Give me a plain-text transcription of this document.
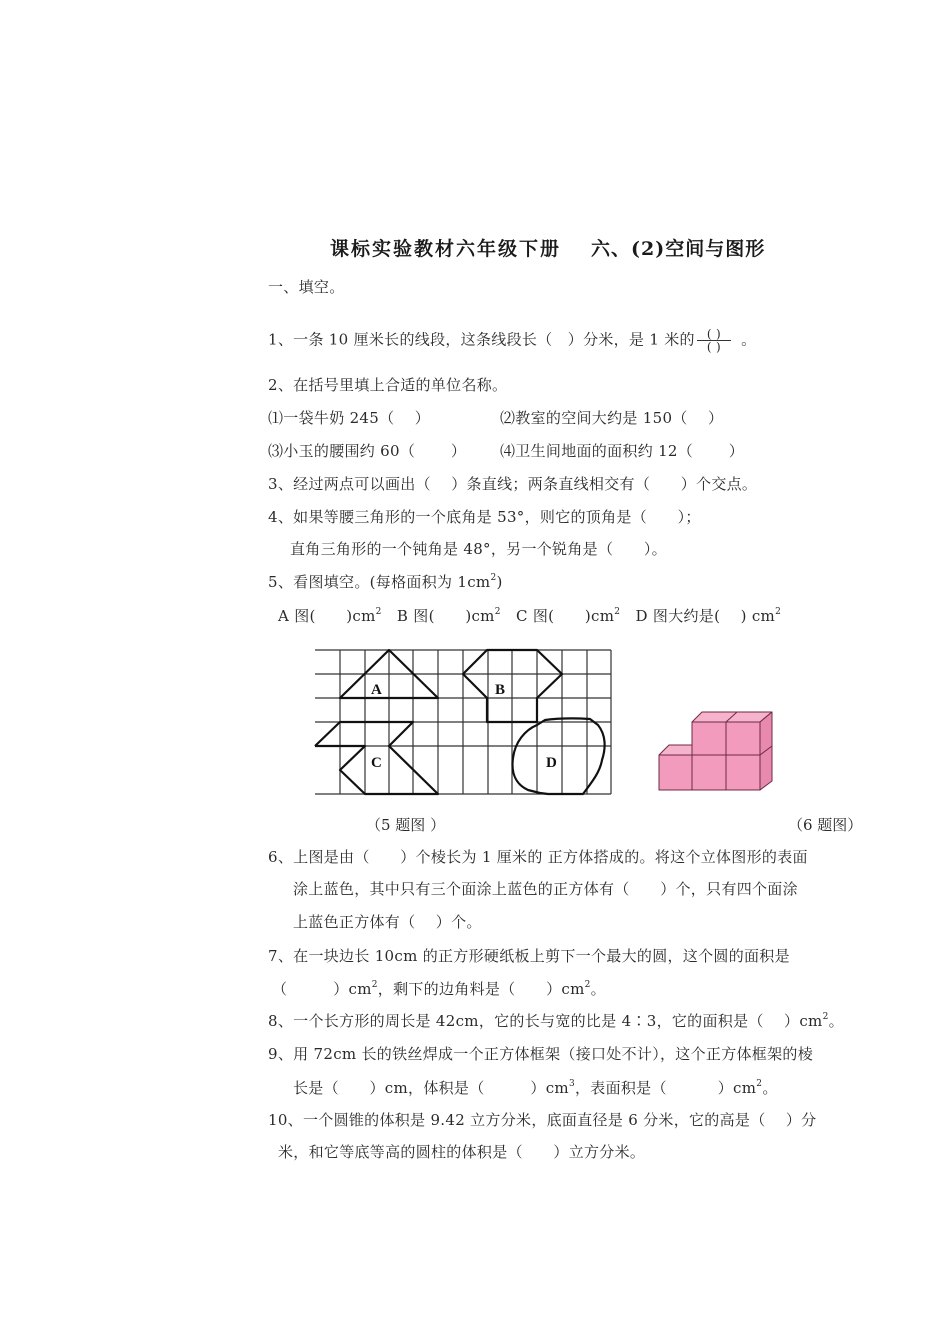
课标实验教材六年级下册 六、(2)空间与图形
一、填空。
1、一条 10 厘米长的线段，这条线段长（　）分米，是 1 米的 $\frac{( )}{( )}$ 。
2、在括号里填上合适的单位名称。
⑴一袋牛奶 245（　 ）	⑵教室的空间大约是 150（　 ）
⑶小玉的腰围约 60（　　 ） ⑷卫生间地面的面积约 12（　　 ）
3、经过两点可以画出（　 ）条直线；两条直线相交有（　　）个交点。
4、如果等腰三角形的一个底角是 53°，则它的顶角是（　　）；
直角三角形的一个钝角是 48°，另一个锐角是（　　）。
5、看图填空。(每格面积为 $1cm^2$)
A 图(　　)$cm^2$ B 图(　　)$cm^2$ C 图(　　)$cm^2$ D 图大约是(　 ) $cm^2$
A	B
C	D
（5 题图 ）	（6 题图）
6、上图是由（　　）个棱长为 1 厘米的 正方体搭成的。将这个立体图形的表面
涂上蓝色，其中只有三个面涂上蓝色的正方体有（　　）个，只有四个面涂
上蓝色正方体有（　 ）个。
7、在一块边长 10cm 的正方形硬纸板上剪下一个最大的圆，这个圆的面积是
（　　　）$cm^2$，剩下的边角料是（　　）$cm^2$。
8、一个长方形的周长是 42cm，它的长与宽的比是 4∶3，它的面积是（　 ）$cm^2$。
9、用 72cm 长的铁丝焊成一个正方体框架（接口处不计），这个正方体框架的棱
长是（　　）cm，体积是（　　　）$cm^3$，表面积是（　　　 ）$cm^2$。
10、一个圆锥的体积是 9.42 立方分米，底面直径是 6 分米，它的高是（　 ）分
米，和它等底等高的圆柱的体积是（　　）立方分米。
